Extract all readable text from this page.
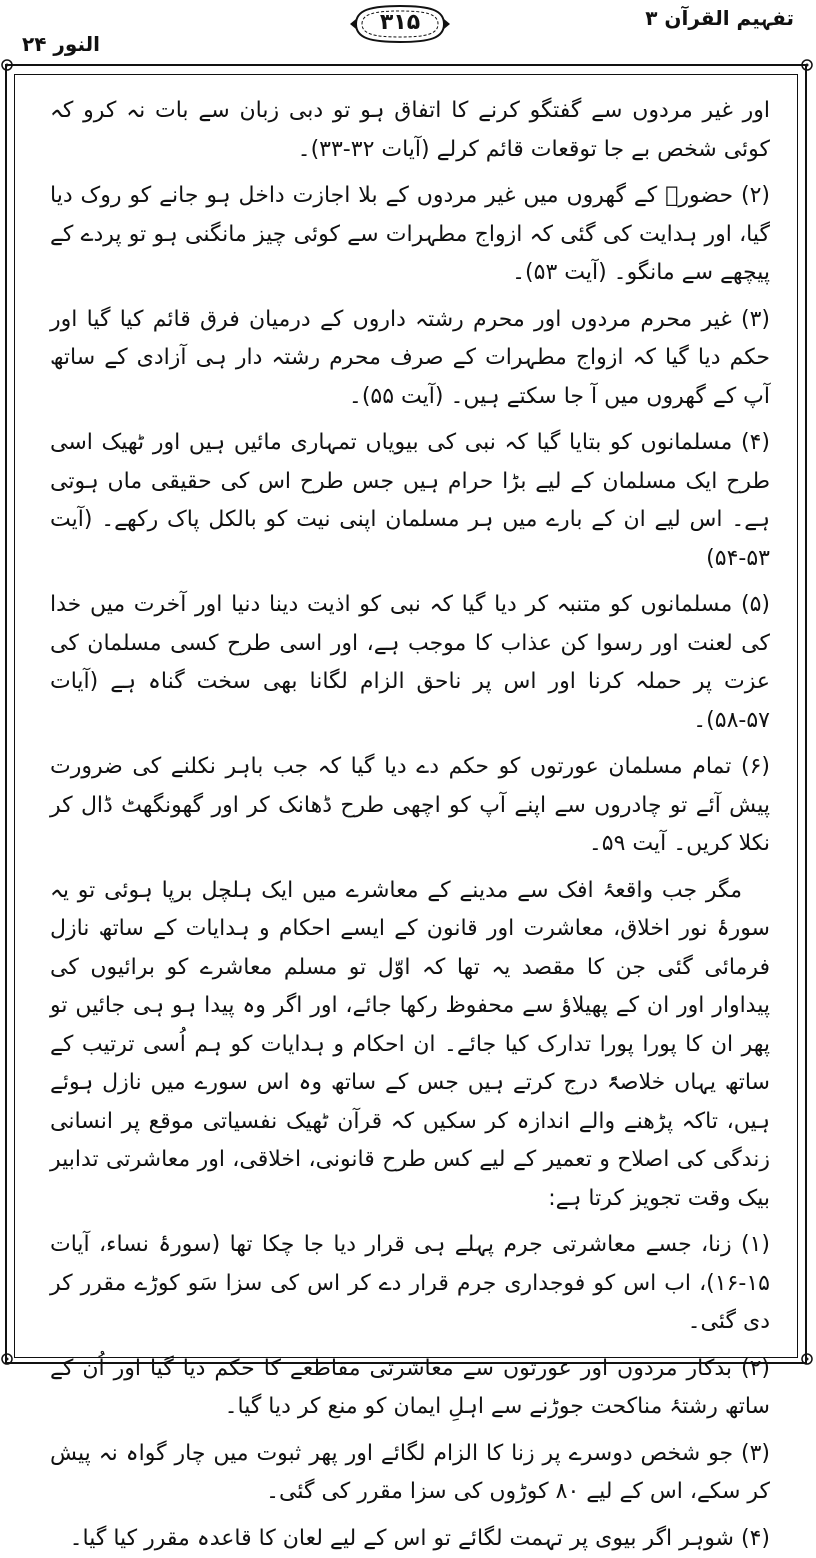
النور ۲۴
۳۱۵	تفہیم القرآن ۳

اور غیر مردوں سے گفتگو کرنے کا اتفاق ہو تو دبی زبان سے بات نہ کرو کہ کوئی شخص بے جا توقعات قائم کرلے (آیات ۳۲-۳۳)۔

(۲) حضورؐ کے گھروں میں غیر مردوں کے بلا اجازت داخل ہو جانے کو روک دیا گیا، اور ہدایت کی گئی کہ ازواج مطہرات سے کوئی چیز مانگنی ہو تو پردے کے پیچھے سے مانگو۔ (آیت ۵۳)۔

(۳) غیر محرم مردوں اور محرم رشتہ داروں کے درمیان فرق قائم کیا گیا اور حکم دیا گیا کہ ازواج مطہرات کے صرف محرم رشتہ دار ہی آزادی کے ساتھ آپ کے گھروں میں آ جا سکتے ہیں۔ (آیت ۵۵)۔

(۴) مسلمانوں کو بتایا گیا کہ نبی کی بیویاں تمہاری مائیں ہیں اور ٹھیک اسی طرح ایک مسلمان کے لیے بڑا حرام ہیں جس طرح اس کی حقیقی ماں ہوتی ہے۔ اس لیے ان کے بارے میں ہر مسلمان اپنی نیت کو بالکل پاک رکھے۔ (آیت ۵۳-۵۴)

(۵) مسلمانوں کو متنبہ کر دیا گیا کہ نبی کو اذیت دینا دنیا اور آخرت میں خدا کی لعنت اور رسوا کن عذاب کا موجب ہے، اور اسی طرح کسی مسلمان کی عزت پر حملہ کرنا اور اس پر ناحق الزام لگانا بھی سخت گناہ ہے (آیات ۵۷-۵۸)۔

(۶) تمام مسلمان عورتوں کو حکم دے دیا گیا کہ جب باہر نکلنے کی ضرورت پیش آئے تو چادروں سے اپنے آپ کو اچھی طرح ڈھانک کر اور گھونگھٹ ڈال کر نکلا کریں۔ آیت ۵۹۔

مگر جب واقعۂ افک سے مدینے کے معاشرے میں ایک ہلچل برپا ہوئی تو یہ سورۂ نور اخلاق، معاشرت اور قانون کے ایسے احکام و ہدایات کے ساتھ نازل فرمائی گئی جن کا مقصد یہ تھا کہ اوّل تو مسلم معاشرے کو برائیوں کی پیداوار اور ان کے پھیلاؤ سے محفوظ رکھا جائے، اور اگر وہ پیدا ہو ہی جائیں تو پھر ان کا پورا پورا تدارک کیا جائے۔ ان احکام و ہدایات کو ہم اُسی ترتیب کے ساتھ یہاں خلاصۃً درج کرتے ہیں جس کے ساتھ وہ اس سورے میں نازل ہوئے ہیں، تاکہ پڑھنے والے اندازہ کر سکیں کہ قرآن ٹھیک نفسیاتی موقع پر انسانی زندگی کی اصلاح و تعمیر کے لیے کس طرح قانونی، اخلاقی، اور معاشرتی تدابیر بیک وقت تجویز کرتا ہے:

(۱) زنا، جسے معاشرتی جرم پہلے ہی قرار دیا جا چکا تھا (سورۂ نساء، آیات ۱۵-۱۶)، اب اس کو فوجداری جرم قرار دے کر اس کی سزا سَو کوڑے مقرر کر دی گئی۔

(۲) بدکار مردوں اور عورتوں سے معاشرتی مقاطعے کا حکم دیا گیا اور اُن کے ساتھ رشتۂ مناکحت جوڑنے سے اہلِ ایمان کو منع کر دیا گیا۔

(۳) جو شخص دوسرے پر زنا کا الزام لگائے اور پھر ثبوت میں چار گواہ نہ پیش کر سکے، اس کے لیے ۸۰ کوڑوں کی سزا مقرر کی گئی۔

(۴) شوہر اگر بیوی پر تہمت لگائے تو اس کے لیے لعان کا قاعدہ مقرر کیا گیا۔
